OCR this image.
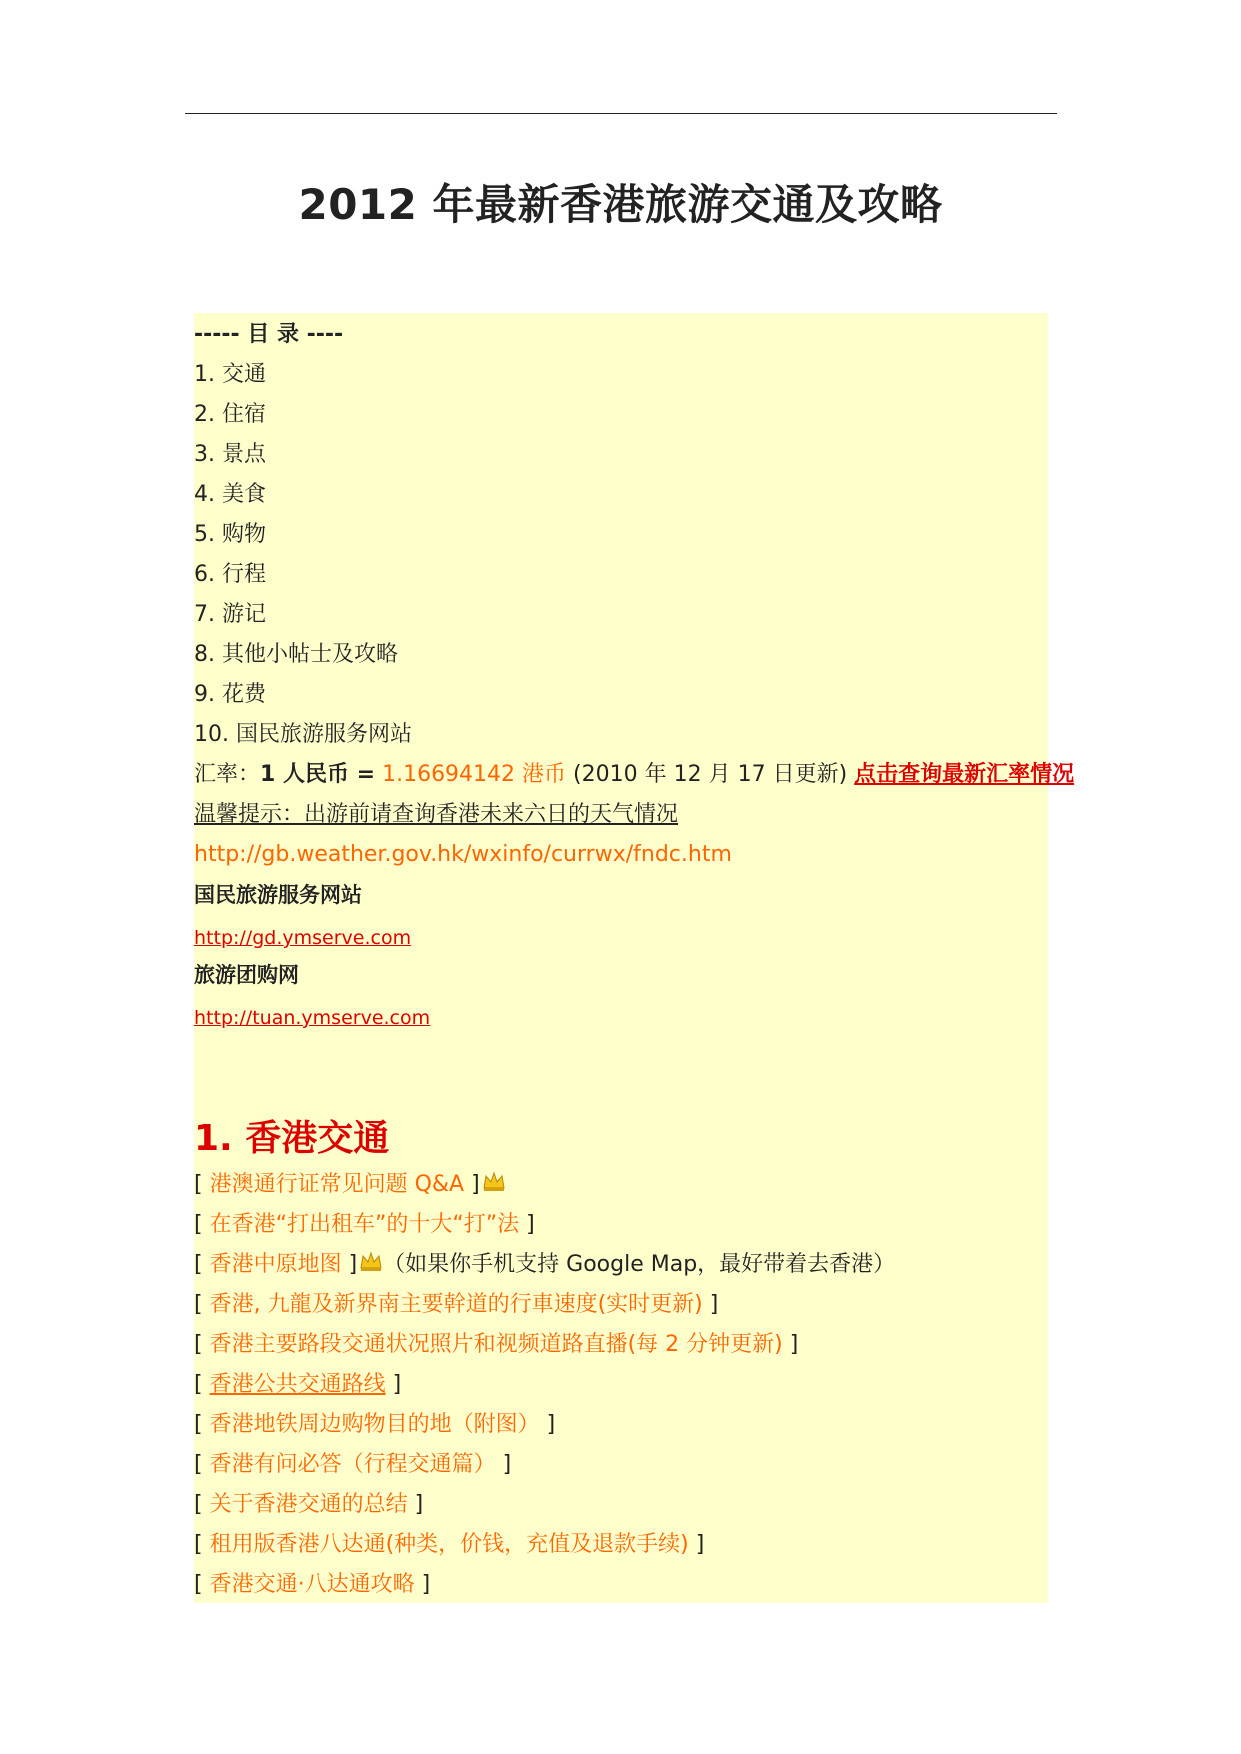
2012 年最新香港旅游交通及攻略
----- 目 录 ----
1. 交通
2. 住宿
3. 景点
4. 美食
5. 购物
6. 行程
7. 游记
8. 其他小帖士及攻略
9. 花费
10. 国民旅游服务网站
汇率：1 人民币 = 1.16694142 港币 (2010 年 12 月 17 日更新) 点击查询最新汇率情况
温馨提示：出游前请查询香港未来六日的天气情况
http://gb.weather.gov.hk/wxinfo/currwx/fndc.htm
国民旅游服务网站
http://gd.ymserve.com
旅游团购网
http://tuan.ymserve.com
1. 香港交通
[ 港澳通行证常见问题 Q&A ]
[ 在香港“打出租车”的十大“打”法 ]
[ 香港中原地图 ] （如果你手机支持 Google Map，最好带着去香港）
[ 香港, 九龍及新界南主要幹道的行車速度(实时更新) ]
[ 香港主要路段交通状况照片和视频道路直播(每 2 分钟更新) ]
[ 香港公共交通路线 ]
[ 香港地铁周边购物目的地（附图） ]
[ 香港有问必答（行程交通篇） ]
[ 关于香港交通的总结 ]
[ 租用版香港八达通(种类，价钱，充值及退款手续) ]
[ 香港交通·八达通攻略 ]
